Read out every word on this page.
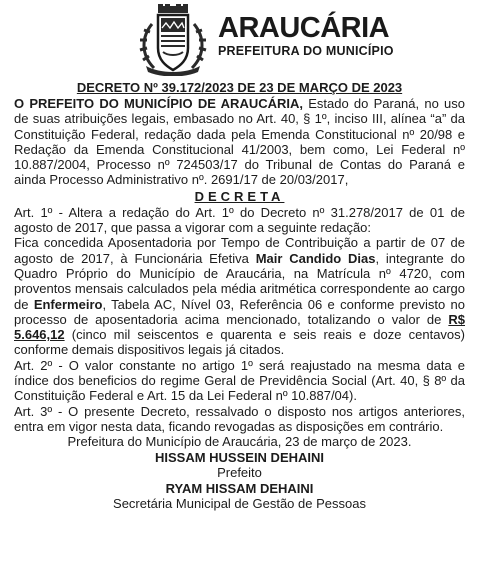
ARAUCÁRIA
PREFEITURA DO MUNICÍPIO
DECRETO Nº 39.172/2023 DE 23 DE MARÇO DE 2023

O PREFEITO DO MUNICÍPIO DE ARAUCÁRIA, Estado do Paraná, no uso de suas atribuições legais, embasado no Art. 40, § 1º, inciso III, alínea “a” da Constituição Federal, redação dada pela Emenda Constitucional nº 20/98 e Redação da Emenda Constitucional 41/2003, bem como, Lei Federal nº 10.887/2004, Processo nº 724503/17 do Tribunal de Contas do Paraná e ainda Processo Administrativo nº. 2691/17 de 20/03/2017,

DECRETA

Art. 1º - Altera a redação do Art. 1º do Decreto nº 31.278/2017 de 01 de agosto de 2017, que passa a vigorar com a seguinte redação:

Fica concedida Aposentadoria por Tempo de Contribuição a partir de 07 de agosto de 2017, à Funcionária Efetiva Mair Candido Dias, integrante do Quadro Próprio do Município de Araucária, na Matrícula nº 4720, com proventos mensais calculados pela média aritmética correspondente ao cargo de Enfermeiro, Tabela AC, Nível 03, Referência 06 e conforme previsto no processo de aposentadoria acima mencionado, totalizando o valor de R$ 5.646,12 (cinco mil seiscentos e quarenta e seis reais e doze centavos) conforme demais dispositivos legais já citados.

Art. 2º - O valor constante no artigo 1º será reajustado na mesma data e índice dos beneficios do regime Geral de Previdência Social (Art. 40, § 8º da Constituição Federal e Art. 15 da Lei Federal nº 10.887/04).

Art. 3º - O presente Decreto, ressalvado o disposto nos artigos anteriores, entra em vigor nesta data, ficando revogadas as disposições em contrário.

Prefeitura do Município de Araucária, 23 de março de 2023.

HISSAM HUSSEIN DEHAINI
Prefeito
RYAM HISSAM DEHAINI
Secretária Municipal de Gestão de Pessoas
